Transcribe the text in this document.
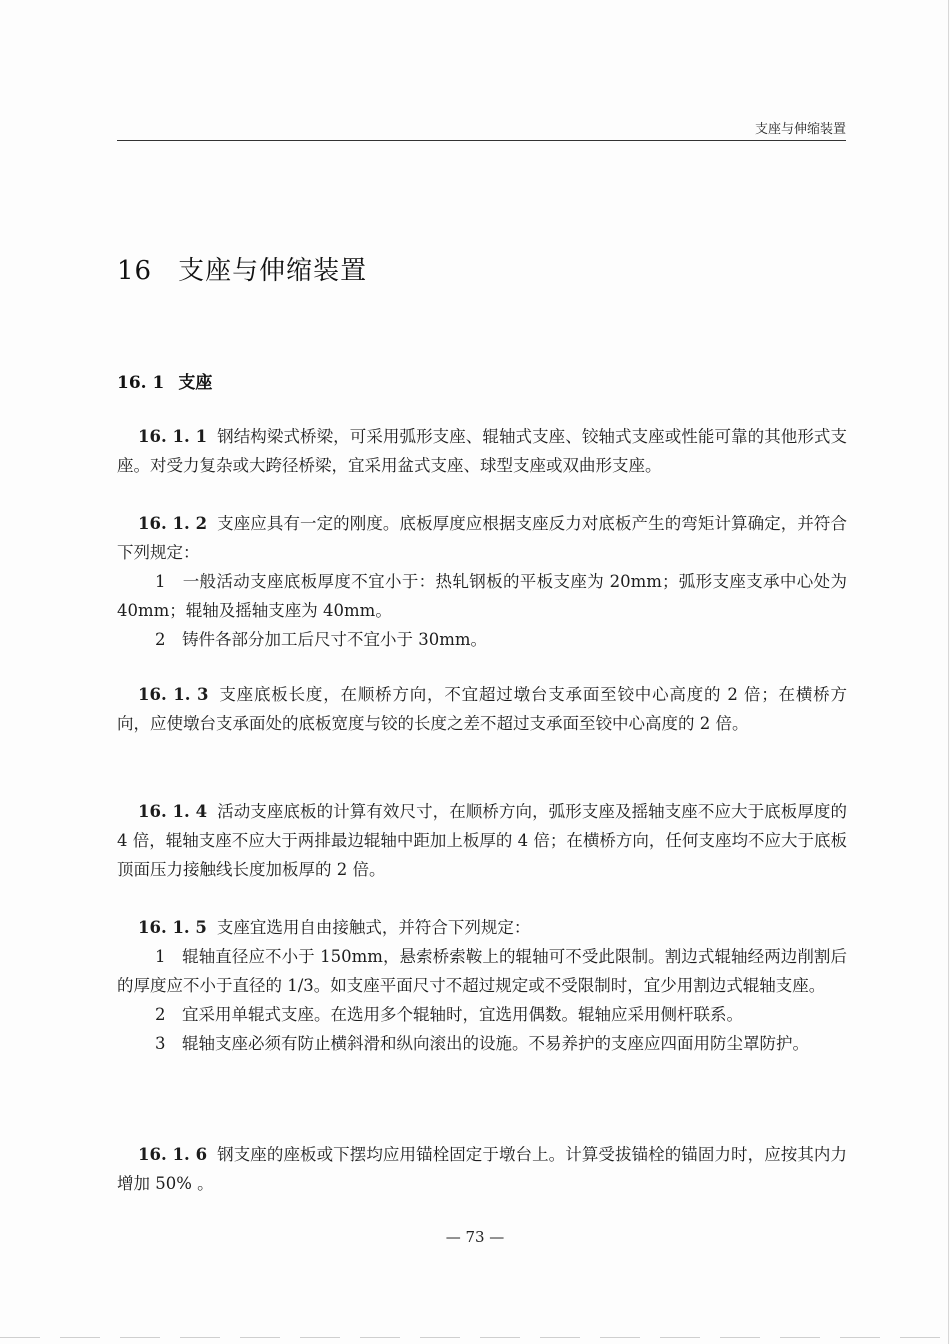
支座与伸缩装置
16 支座与伸缩装置
16. 1 支座

16. 1. 1 钢结构梁式桥梁，可采用弧形支座、辊轴式支座、铰轴式支座或性能可靠的其他形式支座。对受力复杂或大跨径桥梁，宜采用盆式支座、球型支座或双曲形支座。

16. 1. 2 支座应具有一定的刚度。底板厚度应根据支座反力对底板产生的弯矩计算确定，并符合下列规定：

1　一般活动支座底板厚度不宜小于：热轧钢板的平板支座为 20mm；弧形支座支承中心处为 40mm；辊轴及摇轴支座为 40mm。

2　铸件各部分加工后尺寸不宜小于 30mm。

16. 1. 3 支座底板长度，在顺桥方向，不宜超过墩台支承面至铰中心高度的 2 倍；在横桥方向，应使墩台支承面处的底板宽度与铰的长度之差不超过支承面至铰中心高度的 2 倍。

16. 1. 4 活动支座底板的计算有效尺寸，在顺桥方向，弧形支座及摇轴支座不应大于底板厚度的 4 倍，辊轴支座不应大于两排最边辊轴中距加上板厚的 4 倍；在横桥方向，任何支座均不应大于底板顶面压力接触线长度加板厚的 2 倍。

16. 1. 5 支座宜选用自由接触式，并符合下列规定：

1　辊轴直径应不小于 150mm，悬索桥索鞍上的辊轴可不受此限制。割边式辊轴经两边削割后的厚度应不小于直径的 1/3。如支座平面尺寸不超过规定或不受限制时，宜少用割边式辊轴支座。

2　宜采用单辊式支座。在选用多个辊轴时，宜选用偶数。辊轴应采用侧杆联系。

3　辊轴支座必须有防止横斜滑和纵向滚出的设施。不易养护的支座应四面用防尘罩防护。

16. 1. 6 钢支座的座板或下摆均应用锚栓固定于墩台上。计算受拔锚栓的锚固力时，应按其内力增加 50% 。

— 73 —
